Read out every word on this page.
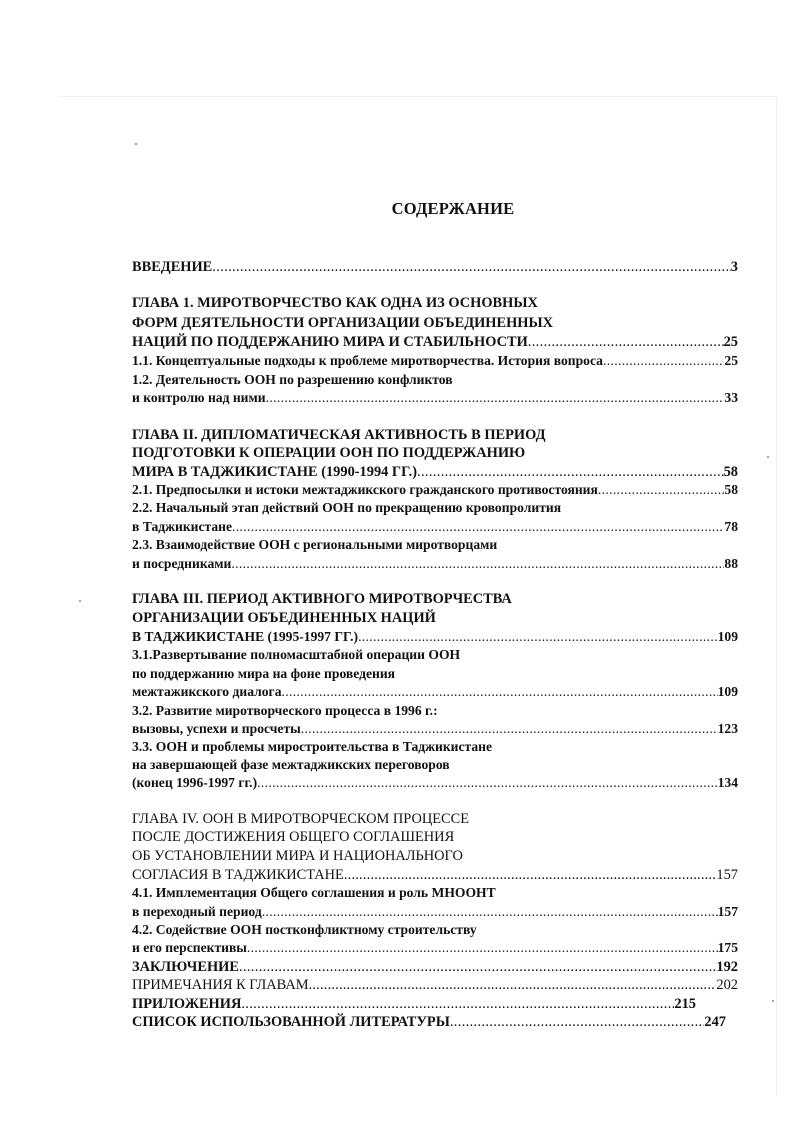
СОДЕРЖАНИЕ
ВВЕДЕНИЕ .....	3
ГЛАВА 1. МИРОТВОРЧЕСТВО КАК ОДНА ИЗ ОСНОВНЫХ
ФОРМ ДЕЯТЕЛЬНОСТИ ОРГАНИЗАЦИИ ОБЪЕДИНЕННЫХ
НАЦИЙ ПО ПОДДЕРЖАНИЮ МИРА И СТАБИЛЬНОСТИ .....	25
1.1. Концептуальные подходы к проблеме миротворчества. История вопроса .....	25
1.2. Деятельность ООН по разрешению конфликтов
и контролю над ними .....	33
ГЛАВА II. ДИПЛОМАТИЧЕСКАЯ АКТИВНОСТЬ В ПЕРИОД
ПОДГОТОВКИ К ОПЕРАЦИИ ООН ПО ПОДДЕРЖАНИЮ
МИРА В ТАДЖИКИСТАНЕ (1990-1994 ГГ.) .....	58
2.1. Предпосылки и истоки межтаджикского гражданского противостояния .....	58
2.2. Начальный этап действий ООН по прекращению кровопролития
в Таджикистане .....	78
2.3. Взаимодействие ООН с региональными миротворцами
и посредниками .....	88
ГЛАВА III. ПЕРИОД АКТИВНОГО МИРОТВОРЧЕСТВА
ОРГАНИЗАЦИИ ОБЪЕДИНЕННЫХ НАЦИЙ
В ТАДЖИКИСТАНЕ (1995-1997 ГГ.) .....	109
3.1.Развертывание полномасштабной операции ООН
по поддержанию мира на фоне проведения
межтажикского диалога .....	109
3.2. Развитие миротворческого процесса в 1996 г.:
вызовы, успехи и просчеты .....	123
3.3. ООН и проблемы миростроительства в Таджикистане
на завершающей фазе межтаджикских переговоров
(конец 1996-1997 гг.) .....	134
ГЛАВА IV. ООН В МИРОТВОРЧЕСКОМ ПРОЦЕССЕ
ПОСЛЕ ДОСТИЖЕНИЯ ОБЩЕГО СОГЛАШЕНИЯ
ОБ УСТАНОВЛЕНИИ МИРА И НАЦИОНАЛЬНОГО
СОГЛАСИЯ В ТАДЖИКИСТАНЕ .....	157
4.1. Имплементация Общего соглашения и роль МНООНТ
в переходный период .....	157
4.2. Содействие ООН постконфликтному строительству
и его перспективы .....	175
ЗАКЛЮЧЕНИЕ .....	192
ПРИМЕЧАНИЯ К ГЛАВАМ .....	202
ПРИЛОЖЕНИЯ .....	215
СПИСОК ИСПОЛЬЗОВАННОЙ ЛИТЕРАТУРЫ .....	247
